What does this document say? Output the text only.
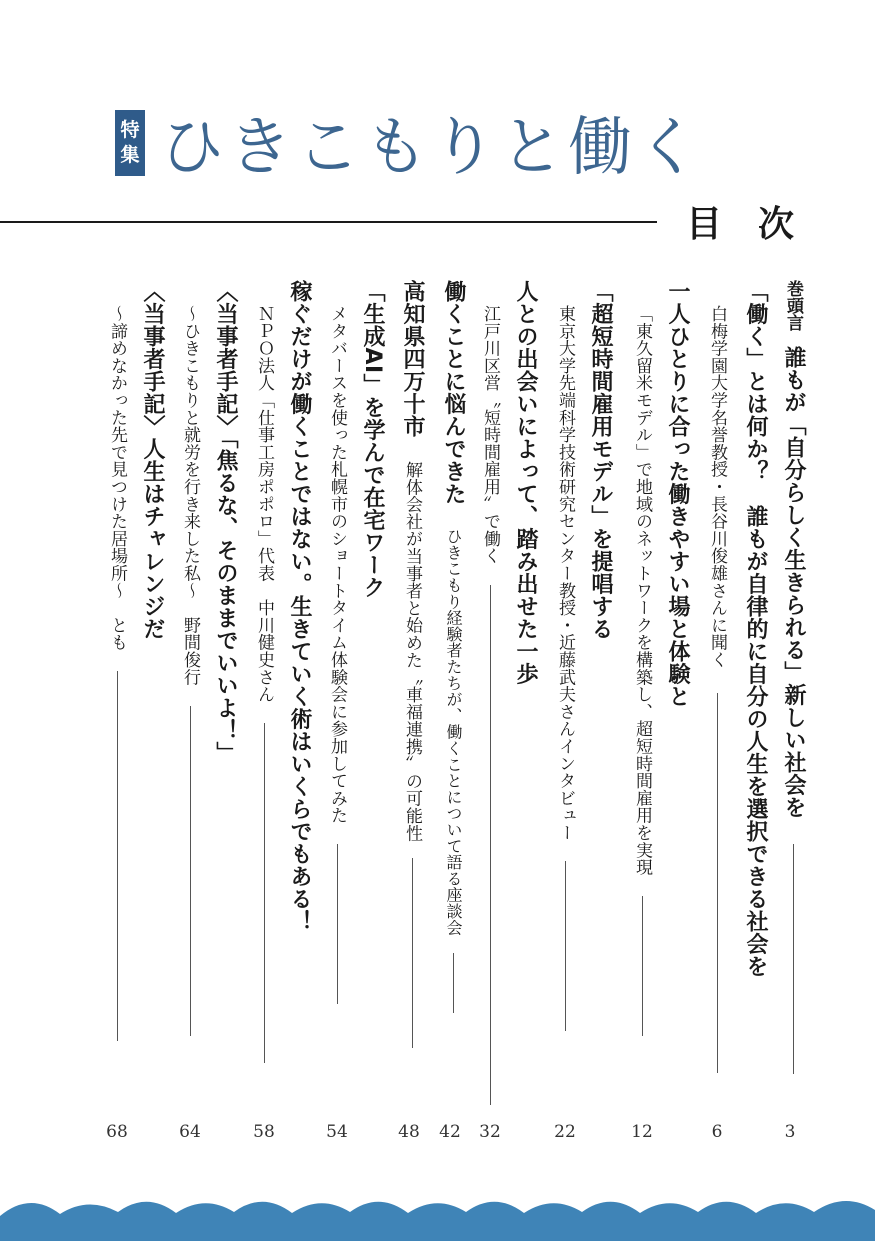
特
集 ひきこもりと働く
目　次
巻頭言 誰もが「自分らしく生きられる」新しい社会を
3
「働く」とは何か？　誰もが自律的に自分の人生を選択できる社会を
白梅学園大学名誉教授・長谷川俊雄さんに聞く
6
一人ひとりに合った働きやすい場と体験と
「東久留米モデル」で地域のネットワークを構築し、超短時間雇用を実現
12
「超短時間雇用モデル」を提唱する
東京大学先端科学技術研究センター教授・近藤武夫さんインタビュー
22
人との出会いによって、踏み出せた一歩
江戸川区営〝短時間雇用〟で働く
32
働くことに悩んできた ひきこもり経験者たちが、働くことについて語る座談会
42
高知県四万十市 解体会社が当事者と始めた〝車福連携〟の可能性
48
「生成AI」を学んで在宅ワーク
メタバースを使った札幌市のショートタイム体験会に参加してみた
54
稼ぐだけが働くことではない。生きていく術はいくらでもある！
ＮＰＯ法人「仕事工房ポポロ」代表　中川健史さん
58
〈当事者手記〉「焦るな、そのままでいいよ！」
〜ひきこもりと就労を行き来した私〜　野間俊行
64
〈当事者手記〉人生はチャレンジだ
〜諦めなかった先で見つけた居場所〜　とも
68
